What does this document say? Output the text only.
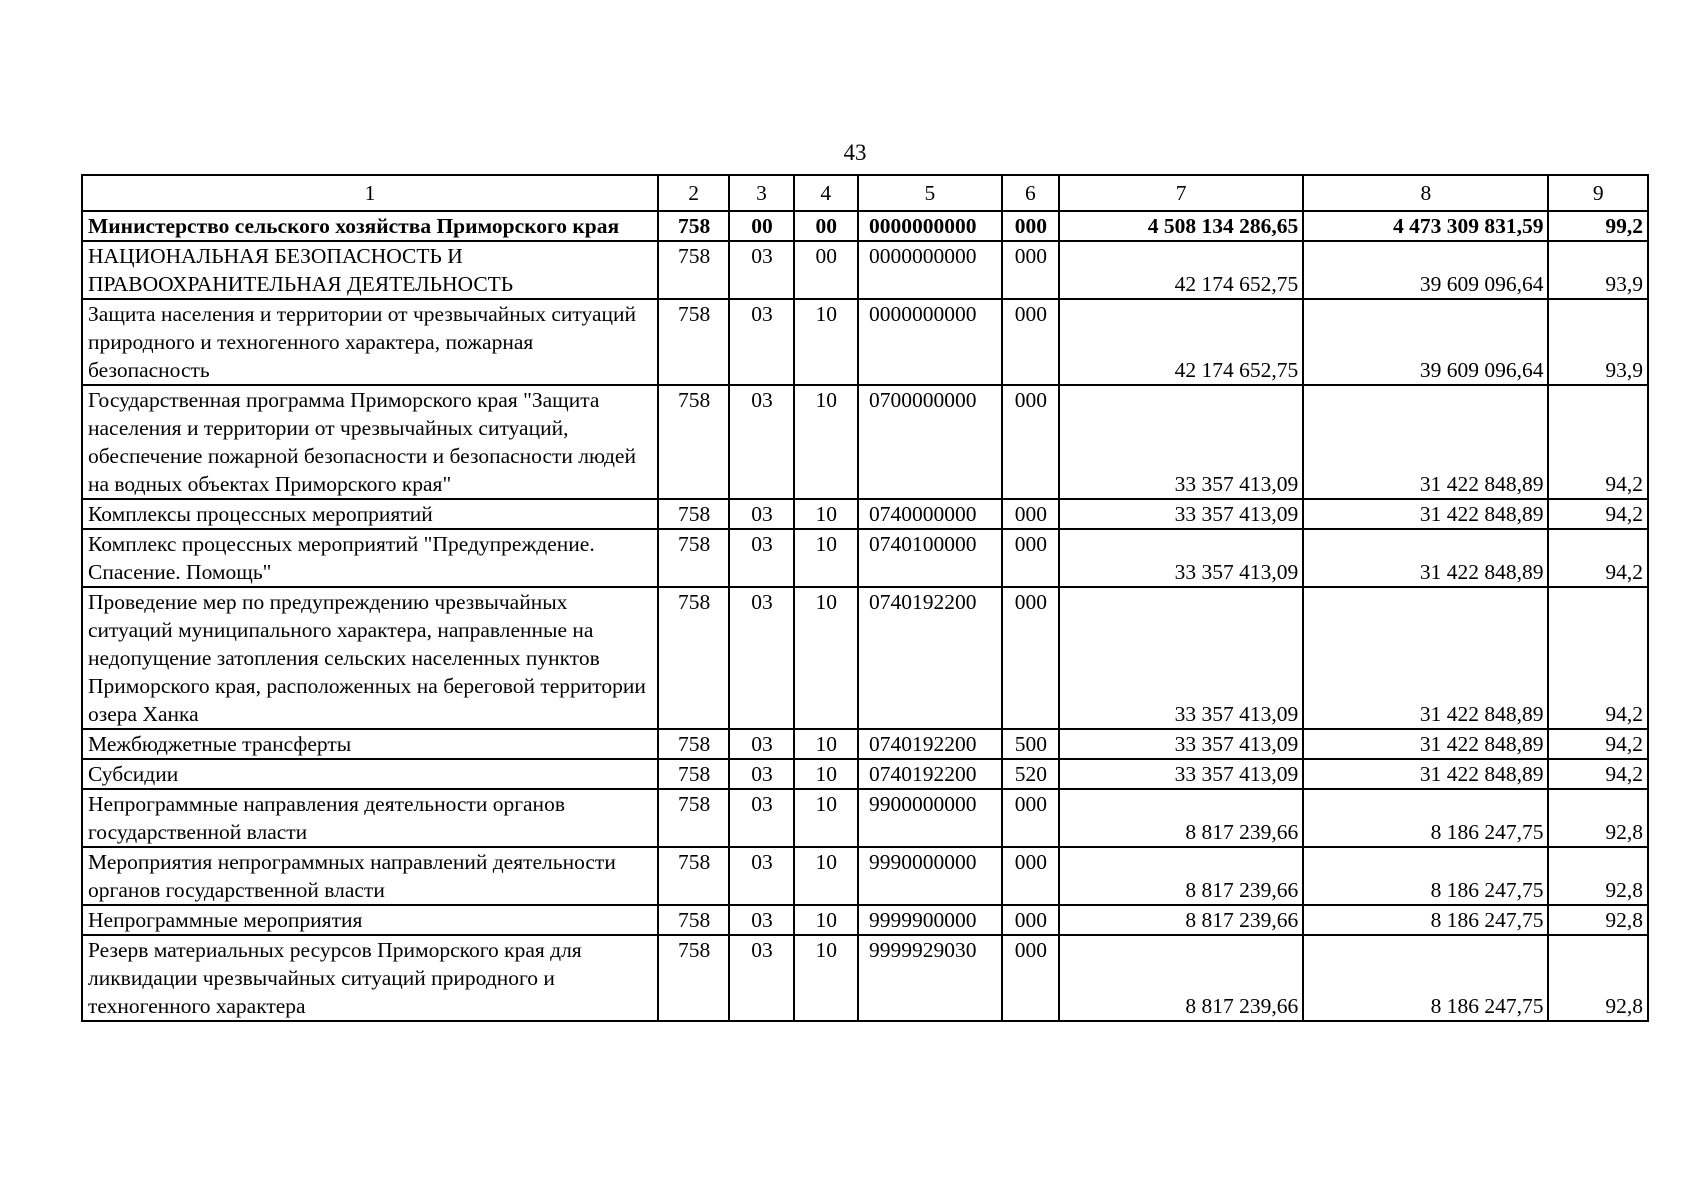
43
1	2	3	4	5	6	7	8	9
Министерство сельского хозяйства Приморского края	758	00	00	0000000000	000	4 508 134 286,65	4 473 309 831,59	99,2
НАЦИОНАЛЬНАЯ БЕЗОПАСНОСТЬ И ПРАВООХРАНИТЕЛЬНАЯ ДЕЯТЕЛЬНОСТЬ	758	03	00	0000000000	000	42 174 652,75	39 609 096,64	93,9
Защита населения и территории от чрезвычайных ситуаций природного и техногенного характера, пожарная безопасность	758	03	10	0000000000	000	42 174 652,75	39 609 096,64	93,9
Государственная программа Приморского края "Защита населения и территории от чрезвычайных ситуаций, обеспечение пожарной безопасности и безопасности людей на водных объектах Приморского края"	758	03	10	0700000000	000	33 357 413,09	31 422 848,89	94,2
Комплексы процессных мероприятий	758	03	10	0740000000	000	33 357 413,09	31 422 848,89	94,2
Комплекс процессных мероприятий "Предупреждение. Спасение. Помощь"	758	03	10	0740100000	000	33 357 413,09	31 422 848,89	94,2
Проведение мер по предупреждению чрезвычайных ситуаций муниципального характера, направленные на недопущение затопления сельских населенных пунктов Приморского края, расположенных на береговой территории озера Ханка	758	03	10	0740192200	000	33 357 413,09	31 422 848,89	94,2
Межбюджетные трансферты	758	03	10	0740192200	500	33 357 413,09	31 422 848,89	94,2
Субсидии	758	03	10	0740192200	520	33 357 413,09	31 422 848,89	94,2
Непрограммные направления деятельности органов государственной власти	758	03	10	9900000000	000	8 817 239,66	8 186 247,75	92,8
Мероприятия непрограммных направлений деятельности органов государственной власти	758	03	10	9990000000	000	8 817 239,66	8 186 247,75	92,8
Непрограммные мероприятия	758	03	10	9999900000	000	8 817 239,66	8 186 247,75	92,8
Резерв материальных ресурсов Приморского края для ликвидации чрезвычайных ситуаций природного и техногенного характера	758	03	10	9999929030	000	8 817 239,66	8 186 247,75	92,8
